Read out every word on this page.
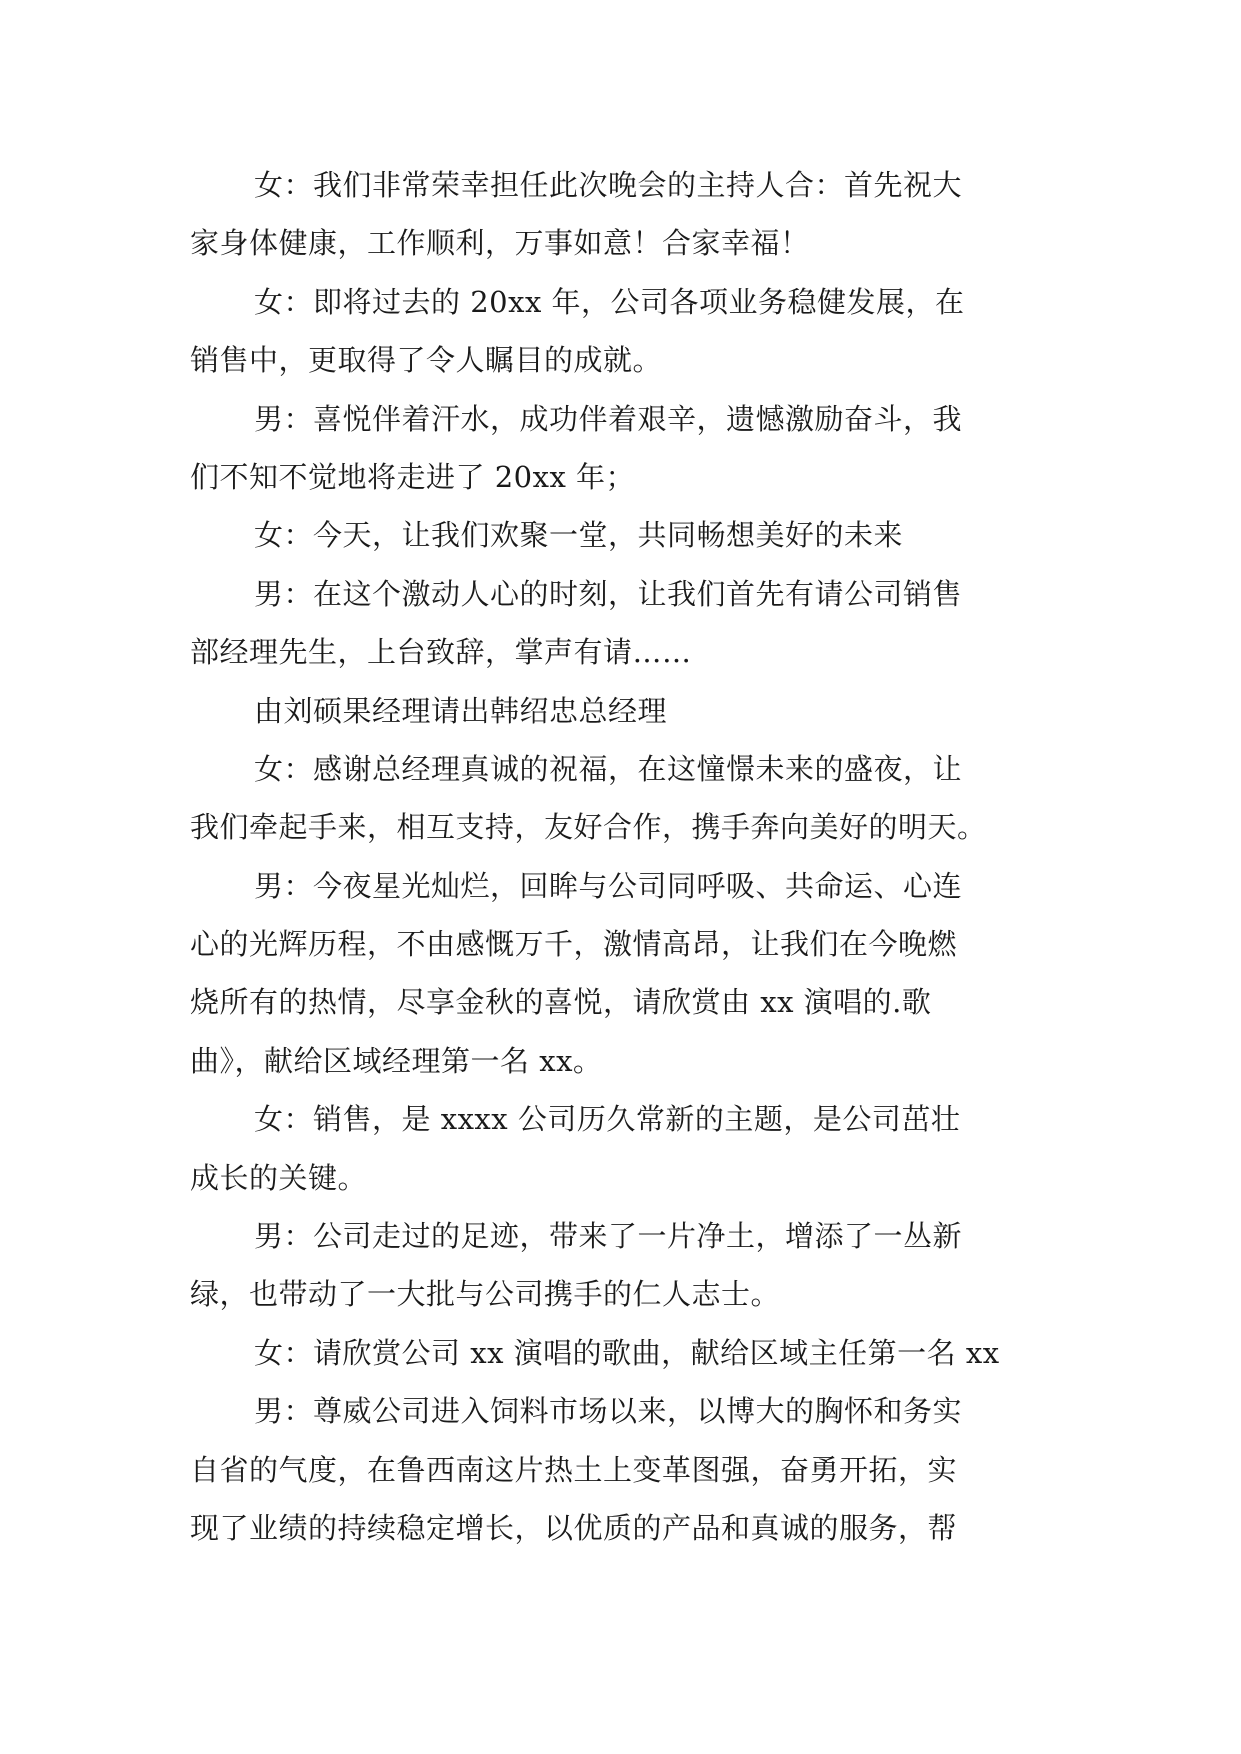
女：我们非常荣幸担任此次晚会的主持人合：首先祝大
家身体健康，工作顺利，万事如意！合家幸福！

女：即将过去的 20xx 年，公司各项业务稳健发展，在
销售中，更取得了令人瞩目的成就。

男：喜悦伴着汗水，成功伴着艰辛，遗憾激励奋斗，我
们不知不觉地将走进了 20xx 年；

女：今天，让我们欢聚一堂，共同畅想美好的未来

男：在这个激动人心的时刻，让我们首先有请公司销售
部经理先生，上台致辞，掌声有请……

由刘硕果经理请出韩绍忠总经理

女：感谢总经理真诚的祝福，在这憧憬未来的盛夜，让
我们牵起手来，相互支持，友好合作，携手奔向美好的明天。

男：今夜星光灿烂，回眸与公司同呼吸、共命运、心连
心的光辉历程，不由感慨万千，激情高昂，让我们在今晚燃
烧所有的热情，尽享金秋的喜悦，请欣赏由 xx 演唱的.歌
曲》，献给区域经理第一名 xx。

女：销售，是 xxxx 公司历久常新的主题，是公司茁壮
成长的关键。

男：公司走过的足迹，带来了一片净土，增添了一丛新
绿，也带动了一大批与公司携手的仁人志士。

女：请欣赏公司 xx 演唱的歌曲，献给区域主任第一名 xx

男：尊威公司进入饲料市场以来，以博大的胸怀和务实
自省的气度，在鲁西南这片热土上变革图强，奋勇开拓，实
现了业绩的持续稳定增长，以优质的产品和真诚的服务，帮
